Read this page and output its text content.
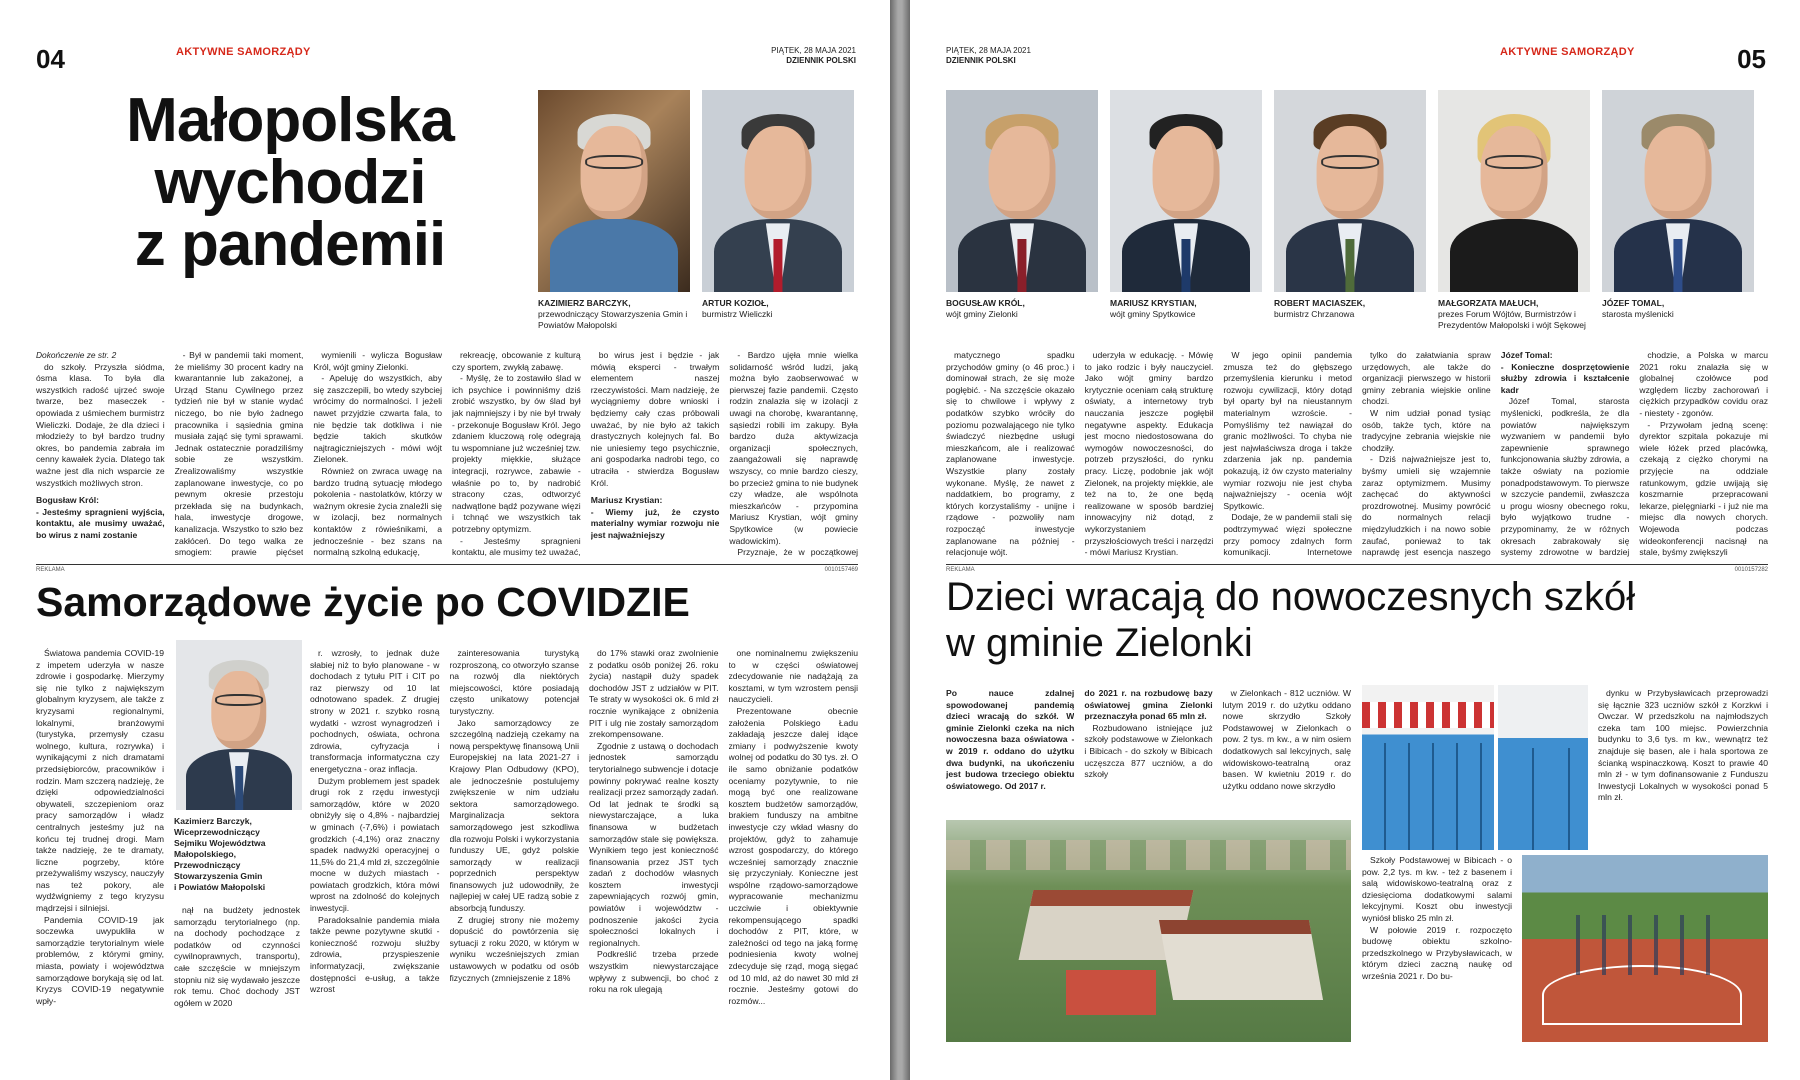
04	AKTYWNE SAMORZĄDY	PIĄTEK, 28 MAJA 2021
DZIENNIK POLSKI
Małopolska
wychodzi
z pandemii
KAZIMIERZ BARCZYK,
przewodniczący Stowarzyszenia Gmin i Powiatów Małopolski
ARTUR KOZIOŁ,
burmistrz Wieliczki

Dokończenie ze str. 2

do szkoły. Przyszła siódma, ósma klasa. To była dla wszystkich radość ujrzeć swoje twarze, bez maseczek - opowiada z uśmiechem burmistrz Wieliczki. Dodaje, że dla dzieci i młodzieży to był bardzo trudny okres, bo pandemia zabrała im cenny kawałek życia. Dlatego tak ważne jest dla nich wsparcie ze wszystkich możliwych stron.

Bogusław Król:

- Jesteśmy spragnieni wyjścia, kontaktu, ale musimy uważać, bo wirus z nami zostanie

- Był w pandemii taki moment, że mieliśmy 30 procent kadry na kwarantannie lub zakażonej, a Urząd Stanu Cywilnego przez tydzień nie był w stanie wydać niczego, bo nie było żadnego pracownika i sąsiednia gmina musiała zająć się tymi sprawami. Jednak ostatecznie poradziliśmy sobie ze wszystkim. Zrealizowaliśmy wszystkie zaplanowane inwestycje, co po pewnym okresie przestoju przekłada się na budynkach, hala, inwestycje drogowe, kanalizacja. Wszystko to szło bez zakłóceń. Do tego walka ze smogiem: prawie pięćset

wymienili - wylicza Bogusław Król, wójt gminy Zielonki.

- Apeluję do wszystkich, aby się zaszczepili, bo wtedy szybciej wrócimy do normalności. I jeżeli nawet przyjdzie czwarta fala, to nie będzie tak dotkliwa i nie będzie takich skutków najtragiczniejszych - mówi wójt Zielonek.

Również on zwraca uwagę na bardzo trudną sytuację młodego pokolenia - nastolatków, którzy w ważnym okresie życia znaleźli się w izolacji, bez normalnych kontaktów z rówieśnikami, a jednocześnie - bez szans na normalną szkolną edukację,

rekreację, obcowanie z kulturą czy sportem, zwykłą zabawę.

- Myślę, że to zostawiło ślad w ich psychice i powinniśmy dziś zrobić wszystko, by ów ślad był jak najmniejszy i by nie był trwały - przekonuje Bogusław Król. Jego zdaniem kluczową rolę odegrają tu wspomniane już wcześniej tzw. projekty miękkie, służące integracji, rozrywce, zabawie - właśnie po to, by nadrobić stracony czas, odtworzyć nadwątlone bądź pozywane więzi i tchnąć we wszystkich tak potrzebny optymizm.

- Jesteśmy spragnieni kontaktu, ale musimy też uważać,

bo wirus jest i będzie - jak mówią eksperci - trwałym elementem naszej rzeczywistości. Mam nadzieję, że wyciągniemy dobre wnioski i będziemy cały czas próbowali uważać, by nie było aż takich drastycznych kolejnych fal. Bo nie uniesiemy tego psychicznie, ani gospodarka nadrobi tego, co utraciła - stwierdza Bogusław Król.

Mariusz Krystian:

- Wiemy już, że czysto materialny wymiar rozwoju nie jest najważniejszy

- Bardzo ujęła mnie wielka solidarność wśród ludzi, jaką można było zaobserwować w pierwszej fazie pandemii. Często rodzin znalazła się w izolacji z uwagi na chorobę, kwarantannę, sąsiedzi robili im zakupy. Była bardzo duża aktywizacja organizacji społecznych, zaangażowali się naprawdę wszyscy, co mnie bardzo cieszy, bo przecież gmina to nie budynek czy władze, ale wspólnota mieszkańców - przypomina Mariusz Krystian, wójt gminy Spytkowice (w powiecie wadowickim).

Przyznaje, że w początkowej

REKLAMA	0010157469
Samorządowe życie po COVIDZIE

Światowa pandemia COVID-19 z impetem uderzyła w nasze zdrowie i gospodarkę. Mierzymy się nie tylko z największym globalnym kryzysem, ale także z kryzysami regionalnymi, lokalnymi, branżowymi (turystyka, przemysły czasu wolnego, kultura, rozrywka) i wynikającymi z nich dramatami przedsiębiorców, pracowników i rodzin. Mam szczerą nadzieję, że dzięki odpowiedzialności obywateli, szczepieniom oraz pracy samorządów i władz centralnych jesteśmy już na końcu tej trudnej drogi. Mam także nadzieję, że te dramaty, liczne pogrzeby, które przeżywaliśmy wszyscy, nauczyły nas też pokory, ale wydźwigniemy z tego kryzysu mądrzejsi i silniejsi.

Pandemia COVID-19 jak soczewka uwypukliła w samorządzie terytorialnym wiele problemów, z którymi gminy, miasta, powiaty i województwa samorządowe borykają się od lat. Kryzys COVID-19 negatywnie wpły-

Kazimierz Barczyk,
Wiceprzewodniczący
Sejmiku Województwa
Małopolskiego,
Przewodniczący
Stowarzyszenia Gmin
i Powiatów Małopolski

nął na budżety jednostek samorządu terytorialnego (np. na dochody pochodzące z podatków od czynności cywilnoprawnych, transportu), całe szczęście w mniejszym stopniu niż się wydawało jeszcze rok temu. Choć dochody JST ogółem w 2020

r. wzrosły, to jednak duże słabiej niż to było planowane - w dochodach z tytułu PIT i CIT po raz pierwszy od 10 lat odnotowano spadek. Z drugiej strony w 2021 r. szybko rosną wydatki - wzrost wynagrodzeń i pochodnych, oświata, ochrona zdrowia, cyfryzacja i transformacja informatyczna czy energetyczna - oraz inflacja.

Dużym problemem jest spadek drugi rok z rzędu inwestycji samorządów, które w 2020 obniżyły się o 4,8% - najbardziej w gminach (-7,6%) i powiatach grodzkich (-4,1%) oraz znaczny spadek nadwyżki operacyjnej o 11,5% do 21,4 mld zł, szczególnie mocne w dużych miastach - powiatach grodzkich, która mówi wprost na zdolność do kolejnych inwestycji.

Paradoksalnie pandemia miała także pewne pozytywne skutki - konieczność rozwoju służby zdrowia, przyspieszenie informatyzacji, zwiększanie dostępności e-usług, a także wzrost

zainteresowania turystyką rozproszoną, co otworzyło szanse na rozwój dla niektórych miejscowości, które posiadają często unikatowy potencjał turystyczny.

Jako samorządowcy ze szczególną nadzieją czekamy na nową perspektywę finansową Unii Europejskiej na lata 2021-27 i Krajowy Plan Odbudowy (KPO), ale jednocześnie postulujemy zwiększenie w nim udziału sektora samorządowego. Marginalizacja sektora samorządowego jest szkodliwa dla rozwoju Polski i wykorzystania funduszy UE, gdyż polskie samorządy w realizacji poprzednich perspektyw finansowych już udowodniły, że najlepiej w całej UE radzą sobie z absorbcją funduszy.

Z drugiej strony nie możemy dopuścić do powtórzenia się sytuacji z roku 2020, w którym w wyniku wcześniejszych zmian ustawowych w podatku od osób fizycznych (zmniejszenie z 18%

do 17% stawki oraz zwolnienie z podatku osób poniżej 26. roku życia) nastąpił duży spadek dochodów JST z udziałów w PIT. Te straty w wysokości ok. 6 mld zł rocznie wynikające z obniżenia PIT i ulg nie zostały samorządom zrekompensowane.

Zgodnie z ustawą o dochodach jednostek samorządu terytorialnego subwencje i dotacje powinny pokrywać realne koszty realizacji przez samorządy zadań. Od lat jednak te środki są niewystarczające, a luka finansowa w budżetach samorządów stale się powiększa. Wynikiem tego jest konieczność finansowania przez JST tych zadań z dochodów własnych kosztem inwestycji zapewniających rozwój gmin, powiatów i województw - podnoszenie jakości życia społeczności lokalnych i regionalnych.

Podkreślić trzeba przede wszystkim niewystarczające wpływy z subwencji, bo choć z roku na rok ulegają

one nominalnemu zwiększeniu to w części oświatowej zdecydowanie nie nadążają za kosztami, w tym wzrostem pensji nauczycieli.

Prezentowane obecnie założenia Polskiego Ładu zakładają jeszcze dalej idące zmiany i podwyższenie kwoty wolnej od podatku do 30 tys. zł. O ile samo obniżanie podatków oceniamy pozytywnie, to nie mogą być one realizowane kosztem budżetów samorządów, brakiem funduszy na ambitne inwestycje czy wkład własny do projektów, gdyż to zahamuje wzrost gospodarczy, do którego wcześniej samorządy znacznie się przyczyniały. Konieczne jest wspólne rządowo-samorządowe wypracowanie mechanizmu uczciwie i obiektywnie rekompensującego spadki dochodów z PIT, które, w zależności od tego na jaką formę podniesienia kwoty wolnej zdecyduje się rząd, mogą sięgać od 10 mld, aż do nawet 30 mld zł rocznie. Jesteśmy gotowi do rozmów...

PIĄTEK, 28 MAJA 2021
DZIENNIK POLSKI
AKTYWNE SAMORZĄDY	05
BOGUSŁAW KRÓL,
wójt gminy Zielonki
MARIUSZ KRYSTIAN,
wójt gminy Spytkowice
ROBERT MACIASZEK,
burmistrz Chrzanowa
MAŁGORZATA MAŁUCH,
prezes Forum Wójtów, Burmistrzów i Prezydentów Małopolski i wójt Sękowej
JÓZEF TOMAL,
starosta myślenicki

matycznego spadku przychodów gminy (o 46 proc.) i dominował strach, że się może pogłębić. - Na szczęście okazało się to chwilowe i wpływy z podatków szybko wróciły do poziomu pozwalającego nie tylko świadczyć niezbędne usługi mieszkańcom, ale i realizować zaplanowane inwestycje. Wszystkie plany zostały wykonane. Myślę, że nawet z naddatkiem, bo programy, z których korzystaliśmy - unijne i rządowe - pozwoliły nam rozpocząć inwestycje zaplanowane na później - relacjonuje wójt.

uderzyła w edukację. - Mówię to jako rodzic i były nauczyciel. Jako wójt gminy bardzo krytycznie oceniam całą strukturę oświaty, a internetowy tryb nauczania jeszcze pogłębił negatywne aspekty. Edukacja jest mocno niedostosowana do wymogów nowoczesności, do potrzeb przyszłości, do rynku pracy. Liczę, podobnie jak wójt Zielonek, na projekty miękkie, ale też na to, że one będą realizowane w sposób bardziej innowacyjny niż dotąd, z wykorzystaniem przyszłościowych treści i narzędzi - mówi Mariusz Krystian.

W jego opinii pandemia zmusza też do głębszego przemyślenia kierunku i metod rozwoju cywilizacji, który dotąd był oparty był na nieustannym materialnym wzroście. - Pomyśliśmy też nawiązał do granic możliwości. To chyba nie jest najwłaściwsza droga i także zdarzenia jak np. pandemia pokazują, iż ów czysto materialny wymiar rozwoju nie jest chyba najważniejszy - ocenia wójt Spytkowic.

Dodaje, że w pandemii stali się podtrzymywać więzi społeczne przy pomocy zdalnych form komunikacji. Internetowe

tylko do załatwiania spraw urzędowych, ale także do organizacji pierwszego w historii gminy zebrania wiejskie online chodzi.

W nim udział ponad tysiąc osób, także tych, które na tradycyjne zebrania wiejskie nie chodziły.

- Dziś najważniejsze jest to, byśmy umieli się wzajemnie zaraz optymizmem. Musimy zachęcać do aktywności prozdrowotnej. Musimy powrócić do normalnych relacji międzyludzkich i na nowo sobie zaufać, ponieważ to tak naprawdę jest esencja naszego

Józef Tomal:

- Konieczne dosprzętowienie służby zdrowia i kształcenie kadr

Józef Tomal, starosta myślenicki, podkreśla, że dla powiatów największym wyzwaniem w pandemii było zapewnienie sprawnego funkcjonowania służby zdrowia, a także oświaty na poziomie ponadpodstawowym. To pierwsze w szczycie pandemii, zwłaszcza u progu wiosny obecnego roku, było wyjątkowo trudne - przypominamy, że w różnych okresach zabrakowały się systemy zdrowotne w bardziej

chodzie, a Polska w marcu 2021 roku znalazła się w globalnej czołówce pod względem liczby zachorowań i ciężkich przypadków covidu oraz - niestety - zgonów.

- Przywołam jedną scenę: dyrektor szpitala pokazuje mi wiele łóżek przed placówką, czekają z ciężko chorymi na przyjęcie na oddziale ratunkowym, gdzie uwijają się koszmarnie przepracowani lekarze, pielęgniarki - i już nie ma miejsc dla nowych chorych. Wojewoda podczas wideokonferencji nacisnął na stale, byśmy zwiększyli

REKLAMA	0010157282
Dzieci wracają do nowoczesnych szkół
w gminie Zielonki

Po nauce zdalnej spowodowanej pandemią dzieci wracają do szkół. W gminie Zielonki czeka na nich nowoczesna baza oświatowa - w 2019 r. oddano do użytku dwa budynki, na ukończeniu jest budowa trzeciego obiektu oświatowego. Od 2017 r.

do 2021 r. na rozbudowę bazy oświatowej gmina Zielonki przeznaczyła ponad 65 mln zł.

Rozbudowano istniejące już szkoły podstawowe w Zielonkach i Bibicach - do szkoły w Bibicach uczęszcza 877 uczniów, a do szkoły

w Zielonkach - 812 uczniów. W lutym 2019 r. do użytku oddano nowe skrzydło Szkoły Podstawowej w Zielonkach o pow. 2 tys. m kw., a w nim osiem dodatkowych sal lekcyjnych, salę widowiskowo-teatralną oraz basen. W kwietniu 2019 r. do użytku oddano nowe skrzydło

Szkoły Podstawowej w Bibicach - o pow. 2,2 tys. m kw. - też z basenem i salą widowiskowo-teatralną oraz z dziesięcioma dodatkowymi salami lekcyjnymi. Koszt obu inwestycji wyniósł blisko 25 mln zł.

W połowie 2019 r. rozpoczęto budowę obiektu szkolno-przedszkolnego w Przybysławicach, w którym dzieci zaczną naukę od września 2021 r. Do bu-

dynku w Przybysławicach przeprowadzi się łącznie 323 uczniów szkół z Korzkwi i Owczar. W przedszkolu na najmłodszych czeka tam 100 miejsc. Powierzchnia budynku to 3,6 tys. m kw., wewnątrz też znajduje się basen, ale i hala sportowa ze ścianką wspinaczkową. Koszt to prawie 40 mln zł - w tym dofinansowanie z Funduszu Inwestycji Lokalnych w wysokości ponad 5 mln zł.
